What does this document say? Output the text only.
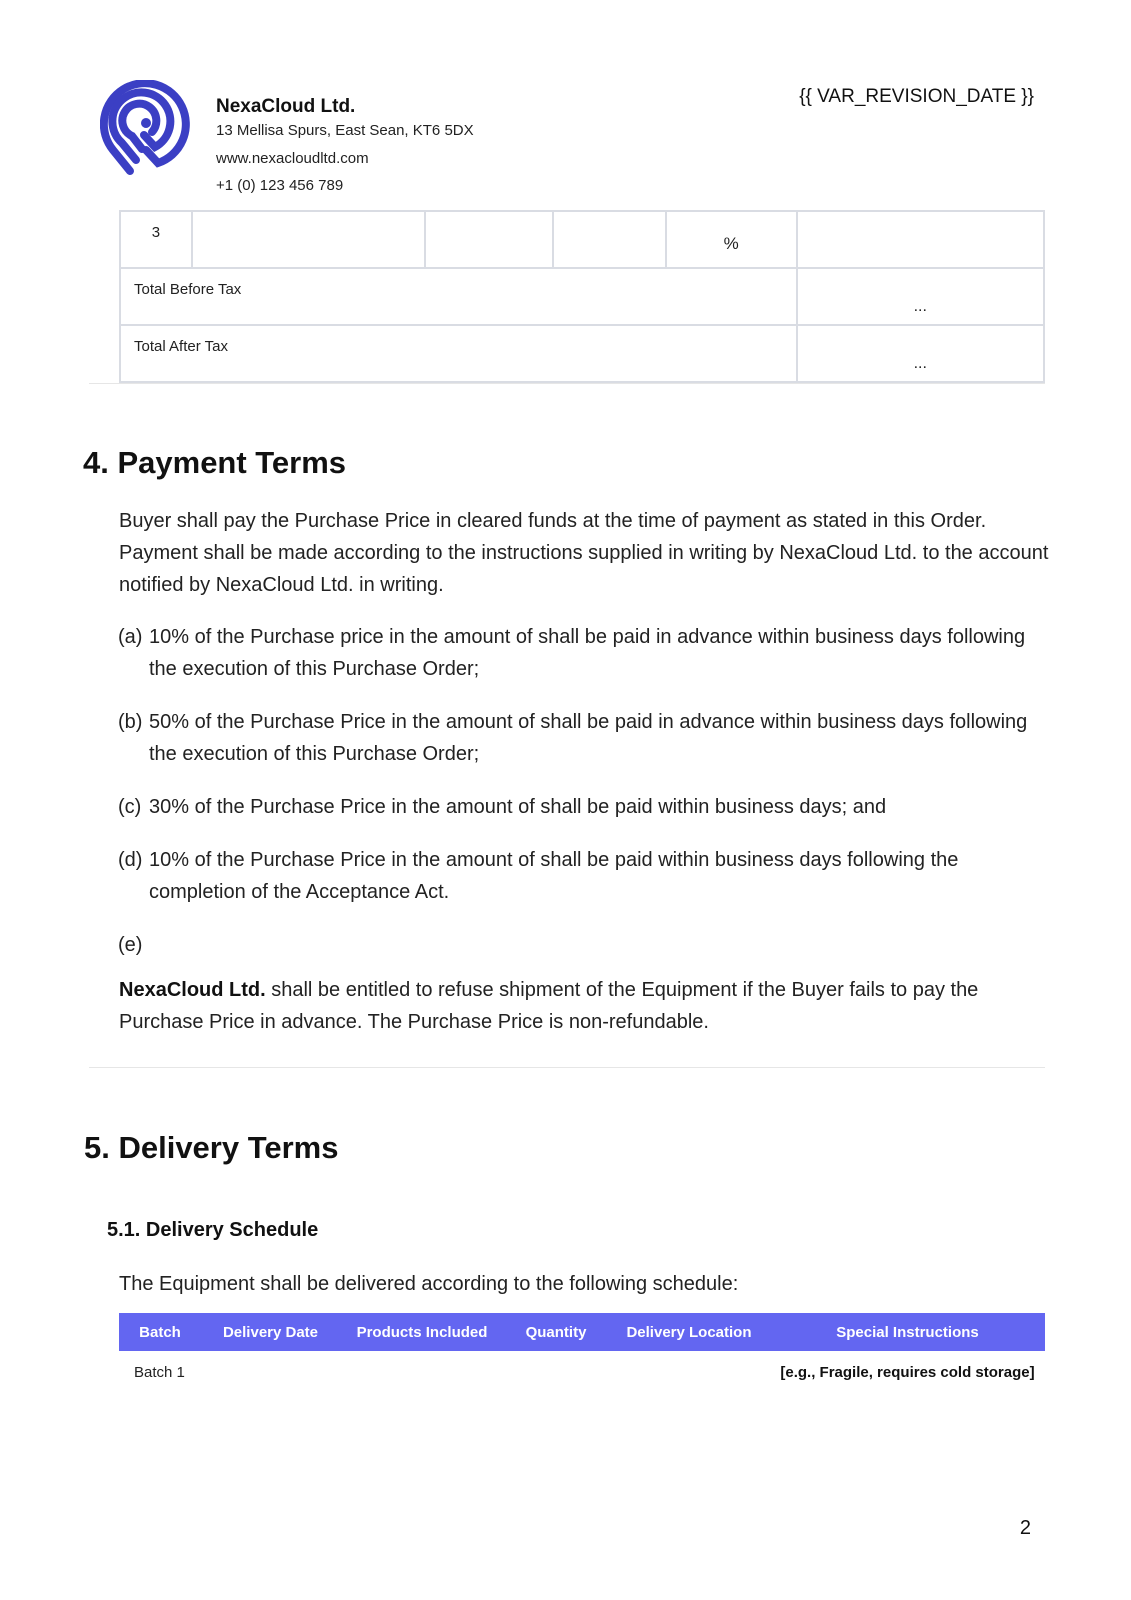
NexaCloud Ltd.
13 Mellisa Spurs, East Sean, KT6 5DX
www.nexacloudltd.com
+1 (0) 123 456 789
{{ VAR_REVISION_DATE }}
3				%	
Total Before Tax					...
Total After Tax					...
4. Payment Terms
Buyer shall pay the Purchase Price in cleared funds at the time of payment as stated in this Order. Payment shall be made according to the instructions supplied in writing by NexaCloud Ltd. to the account notified by NexaCloud Ltd. in writing.
(a) 10% of the Purchase price in the amount of shall be paid in advance within business days following the execution of this Purchase Order;
(b) 50% of the Purchase Price in the amount of shall be paid in advance within business days following the execution of this Purchase Order;
(c) 30% of the Purchase Price in the amount of shall be paid within business days; and
(d) 10% of the Purchase Price in the amount of shall be paid within business days following the completion of the Acceptance Act.
(e)
NexaCloud Ltd. shall be entitled to refuse shipment of the Equipment if the Buyer fails to pay the Purchase Price in advance. The Purchase Price is non-refundable.
5. Delivery Terms
5.1. Delivery Schedule
The Equipment shall be delivered according to the following schedule:
Batch	Delivery Date	Products Included	Quantity	Delivery Location	Special Instructions
Batch 1					[e.g., Fragile, requires cold storage]
2
